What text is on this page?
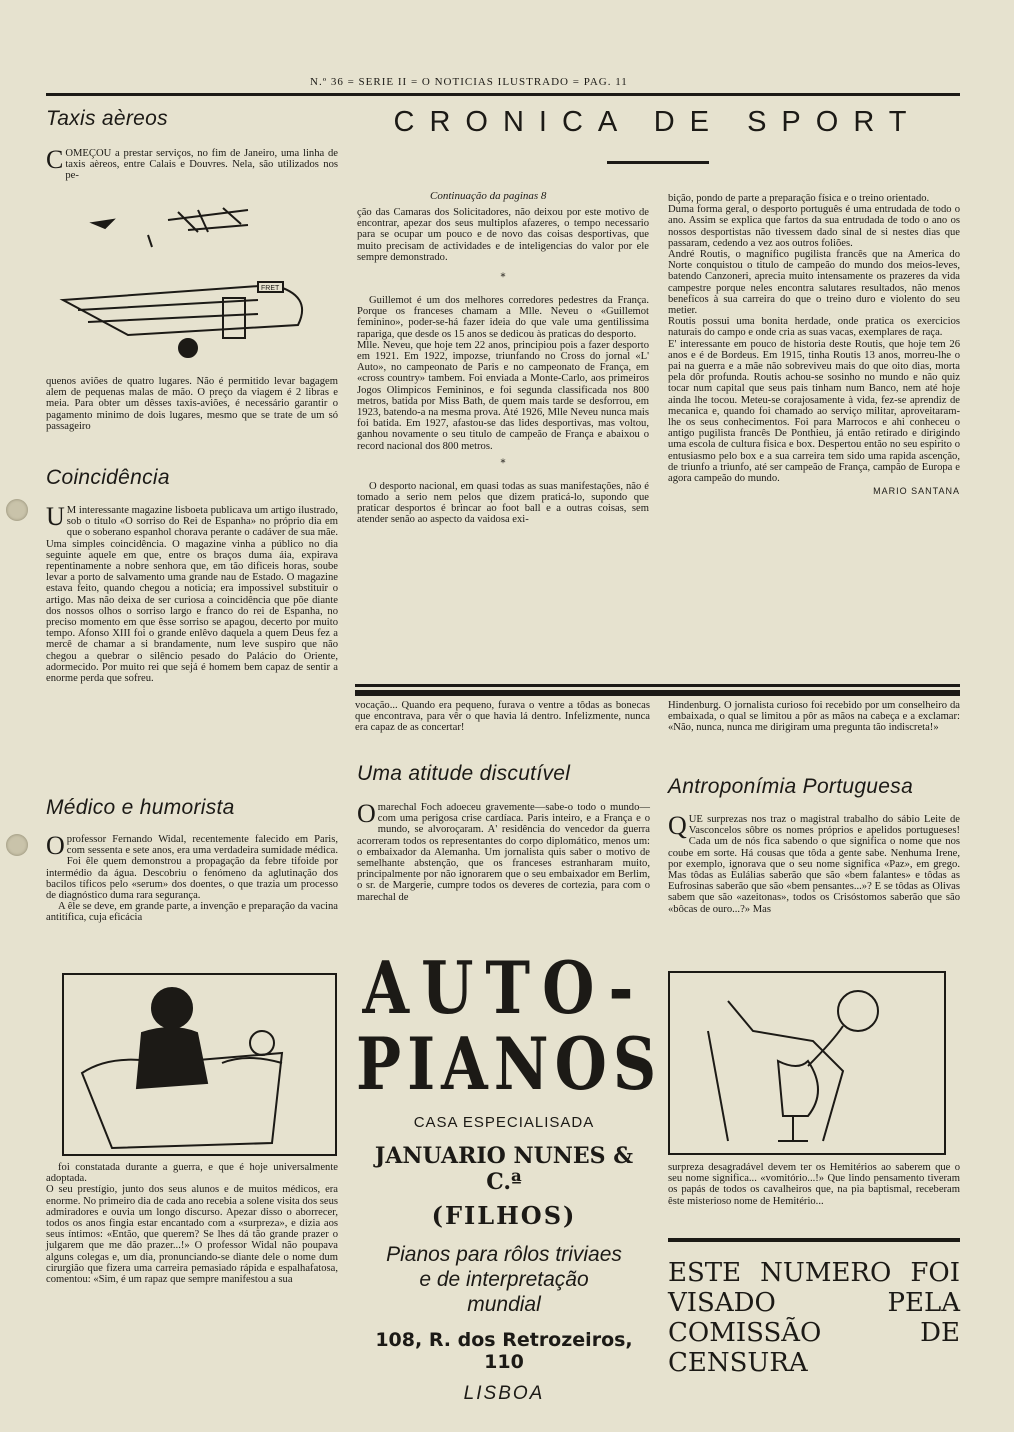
N.º 36 = SERIE II = O NOTICIAS ILUSTRADO = PAG. 11
Taxis aèreos

COMEÇOU a prestar serviços, no fim de Janeiro, uma linha de taxis aèreos, entre Calais e Douvres. Nela, são utilizados nos pe-

FRET

quenos aviões de quatro lugares. Não é permitido levar bagagem alem de pequenas malas de mão. O preço da viagem é 2 libras e meia. Para obter um dêsses taxis-aviões, é necessário garantir o pagamento minimo de dois lugares, mesmo que se trate de um só passageiro

Coincidência

U M interessante magazine lisboeta publicava um artigo ilustrado, sob o titulo «O sorriso do Rei de Espanha» no próprio dia em que o soberano espanhol chorava perante o cadáver de sua mãe. Uma simples coincidência. O magazine vinha a público no dia seguinte aquele em que, entre os braços duma áia, expirava repentinamente a nobre senhora que, em tão dificeis horas, soube levar a porto de salvamento uma grande nau de Estado. O magazine estava feito, quando chegou a noticia; era impossivel substituir o artigo. Mas não deixa de ser curiosa a coincidência que põe diante dos nossos olhos o sorriso largo e franco do rei de Espanha, no preciso momento em que êsse sorriso se apagou, decerto por muito tempo. Afonso XIII foi o grande enlêvo daquela a quem Deus fez a mercê de chamar a si brandamente, num leve suspiro que não chegou a quebrar o silêncio pesado do Palácio do Oriente, adormecido. Por muito rei que sejá é homem bem capaz de sentir a enorme perda que sofreu.

Médico e humorista

Oprofessor Fernando Widal, recentemente falecido em Paris, com sessenta e sete anos, era uma verdadeira sumidade médica. Foi êle quem demonstrou a propagação da febre tifoide por intermédio da água. Descobriu o fenómeno da aglutinação dos bacilos tíficos pelo «serum» dos doentes, o que trazia um processo de diagnóstico duma rara segurança.

A êle se deve, em grande parte, a invenção e preparação da vacina antitífica, cuja eficácia

foi constatada durante a guerra, e que é hoje universalmente adoptada.
O seu prestígio, junto dos seus alunos e de muitos médicos, era enorme. No primeiro dia de cada ano recebia a solene visita dos seus admiradores e ouvia um longo discurso. Apezar disso o aborrecer, todos os anos fingia estar encantado com a «surpreza», e dizia aos seus íntimos: «Então, que querem? Se lhes dá tão grande prazer o julgarem que me dão prazer...!» O professor Widal não poupava alguns colegas e, um dia, pronunciando-se diante dele o nome dum cirurgião que fizera uma carreira pemasiado rápida e espalhafatosa, comentou: «Sim, é um rapaz que sempre manifestou a sua

CRONICA DE SPORT
Continuação da paginas 8

ção das Camaras dos Solicitadores, não deixou por este motivo de encontrar, apezar dos seus multiplos afazeres, o tempo necessario para se ocupar um pouco e de novo das coisas desportivas, que muito precisam de actividades e de inteligencias do valor por ele sempre demonstrado.

*

Guillemot é um dos melhores corredores pedestres da França. Porque os franceses chamam a Mlle. Neveu o «Guillemot feminino», poder-se-há fazer ideia do que vale uma gentilissima rapariga, que desde os 15 anos se dedicou às praticas do desporto.
Mlle. Neveu, que hoje tem 22 anos, principiou pois a fazer desporto em 1921. Em 1922, impozse, triunfando no Cross do jornal «L' Auto», no campeonato de Paris e no campeonato de França, em «cross country» tambem. Foi enviada a Monte-Carlo, aos primeiros Jogos Olimpicos Femininos, e foi segunda classificada nos 800 metros, batida por Miss Bath, de quem mais tarde se desforrou, em 1923, batendo-a na mesma prova. Até 1926, Mlle Neveu nunca mais foi batida. Em 1927, afastou-se das lides desportivas, mas voltou, ganhou novamente o seu titulo de campeão de França e abaixou o record nacional dos 800 metros.

*

O desporto nacional, em quasi todas as suas manifestações, não é tomado a serio nem pelos que dizem praticá-lo, supondo que praticar desportos é brincar ao foot ball e a outras coisas, sem atender senão ao aspecto da vaidosa exi-

bição, pondo de parte a preparação física e o treino orientado.
Duma forma geral, o desporto português é uma entrudada de todo o ano. Assim se explica que fartos da sua entrudada de todo o ano os nossos desportistas não tivessem dado sinal de si nestes dias que passaram, cedendo a vez aos outros foliões.
André Routis, o magnífico pugilista francês que na America do Norte conquistou o titulo de campeão do mundo dos meios-leves, batendo Canzoneri, aprecia muito intensamente os prazeres da vida campestre porque neles encontra salutares resultados, não menos benefícos à sua carreira do que o treino duro e violento do seu metier.
Routis possui uma bonita herdade, onde pratica os exercicios naturais do campo e onde cria as suas vacas, exemplares de raça.
E' interessante em pouco de historia deste Routis, que hoje tem 26 anos e é de Bordeus. Em 1915, tinha Routis 13 anos, morreu-lhe o pai na guerra e a mãe não sobreviveu mais do que oito dias, morta pela dôr profunda. Routis achou-se sosinho no mundo e não quiz tocar num capital que seus pais tinham num Banco, nem até hoje ainda lhe tocou. Meteu-se corajosamente à vida, fez-se aprendiz de mecanica e, quando foi chamado ao serviço militar, aproveitaram-lhe os seus conhecimentos. Foi para Marrocos e ahi conheceu o antigo pugilista francês De Ponthieu, já então retirado e dirigindo uma escola de cultura fisica e box. Despertou então no seu espirito o entusiasmo pelo box e a sua carreira tem sido uma rapida ascenção, de triunfo a triunfo, até ser campeão de França, campão de Europa e agora campeão do mundo.

MARIO SANTANA

vocação... Quando era pequeno, furava o ventre a tôdas as bonecas que encontrava, para vêr o que havia lá dentro. Infelizmente, nunca era capaz de as concertar!

Uma atitude discutível

Omarechal Foch adoeceu gravemente—sabe-o todo o mundo—com uma perigosa crise cardíaca. Paris inteiro, e a França e o mundo, se alvoroçaram. A' residência do vencedor da guerra acorreram todos os representantes do corpo diplomático, menos um: o embaixador da Alemanha. Um jornalista quis saber o motivo de semelhante abstenção, que os franceses estranharam muito, principalmente por não ignorarem que o seu embaixador em Berlim, o sr. de Margerie, cumpre todos os deveres de cortezia, para com o marechal de

AUTO-
PIANOS
CASA ESPECIALISADA
JANUARIO NUNES & C.ª
(FILHOS)
Pianos para rôlos triviaes e de interpretação mundial
108, R. dos Retrozeiros, 110
LISBOA

Hindenburg. O jornalista curioso foi recebido por um conselheiro da embaixada, o qual se limitou a pôr as mãos na cabeça e a exclamar: «Não, nunca, nunca me dirigiram uma pregunta tão indiscreta!»

Antroponímia Portuguesa

QUE surprezas nos traz o magistral trabalho do sábio Leite de Vasconcelos sôbre os nomes próprios e apelidos portugueses! Cada um de nós fica sabendo o que significa o nome que nos coube em sorte. Há cousas que tôda a gente sabe. Nenhuma Irene, por exemplo, ignorava que o seu nome significa «Paz», em grego. Mas tôdas as Eulálias saberão que são «bem falantes» e tôdas as Eufrosinas saberão que são «bem pensantes...»? E se tôdas as Olivas sabem que são «azeitonas», todos os Crisóstomos saberão que são «bôcas de ouro...?» Mas

surpreza desagradável devem ter os Hemitérios ao saberem que o seu nome significa... «vomitório...!» Que lindo pensamento tiveram os papás de todos os cavalheiros que, na pia baptismal, receberam êste misterioso nome de Hemitério...

ESTE NUMERO FOI VISADO PELA COMISSÃO DE CENSURA
